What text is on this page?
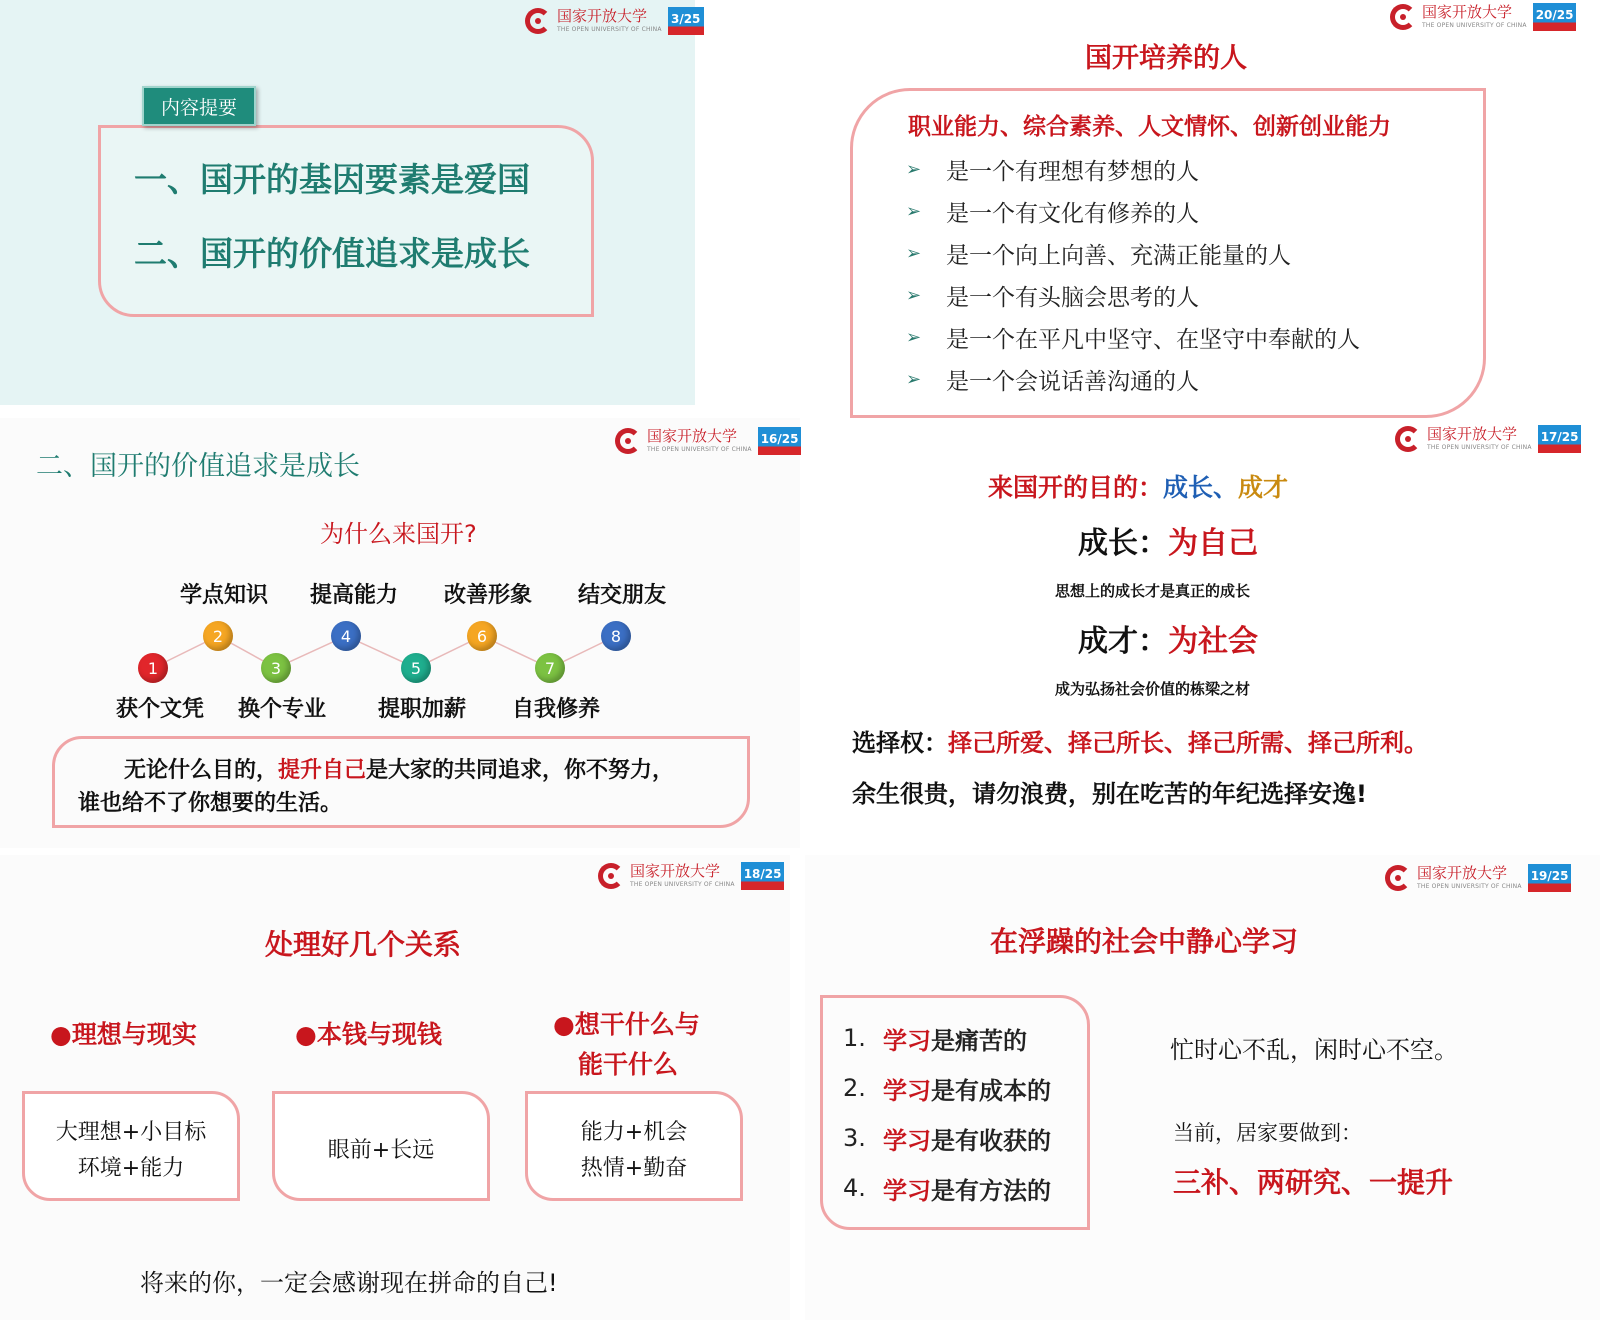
国家开放大学
THE OPEN UNIVERSITY OF CHINA
3/25
内容提要
一、国开的基因要素是爱国
二、国开的价值追求是成长
国家开放大学
THE OPEN UNIVERSITY OF CHINA
20/25
国开培养的人
职业能力、综合素养、人文情怀、创新创业能力
➢	是一个有理想有梦想的人
➢	是一个有文化有修养的人
➢	是一个向上向善、充满正能量的人
➢	是一个有头脑会思考的人
➢	是一个在平凡中坚守、在坚守中奉献的人
➢	是一个会说话善沟通的人
国家开放大学
THE OPEN UNIVERSITY OF CHINA
16/25
二、国开的价值追求是成长
为什么来国开?
1
2
3
4
5
6
7
8
学点知识 提高能力 改善形象 结交朋友
获个文凭 换个专业 提职加薪 自我修养
无论什么目的，提升自己是大家的共同追求，你不努力，
谁也给不了你想要的生活。
国家开放大学
THE OPEN UNIVERSITY OF CHINA
17/25
来国开的目的：成长、成才
成长：为自己
思想上的成长才是真正的成长
成才：为社会
成为弘扬社会价值的栋梁之材
选择权：择己所爱、择己所长、择己所需、择己所利。
余生很贵，请勿浪费，别在吃苦的年纪选择安逸!
国家开放大学
THE OPEN UNIVERSITY OF CHINA
18/25
处理好几个关系
●理想与现实	●本钱与现钱	●想干什么与
能干什么
大理想+小目标
环境+能力
眼前+长远
能力+机会
热情+勤奋
将来的你，一定会感谢现在拼命的自己!
国家开放大学
THE OPEN UNIVERSITY OF CHINA
19/25
在浮躁的社会中静心学习
1. 学习 是痛苦的
2. 学习 是有成本的
3. 学习 是有收获的
4. 学习 是有方法的
忙时心不乱，闲时心不空。
当前，居家要做到：
三补、两研究、一提升
